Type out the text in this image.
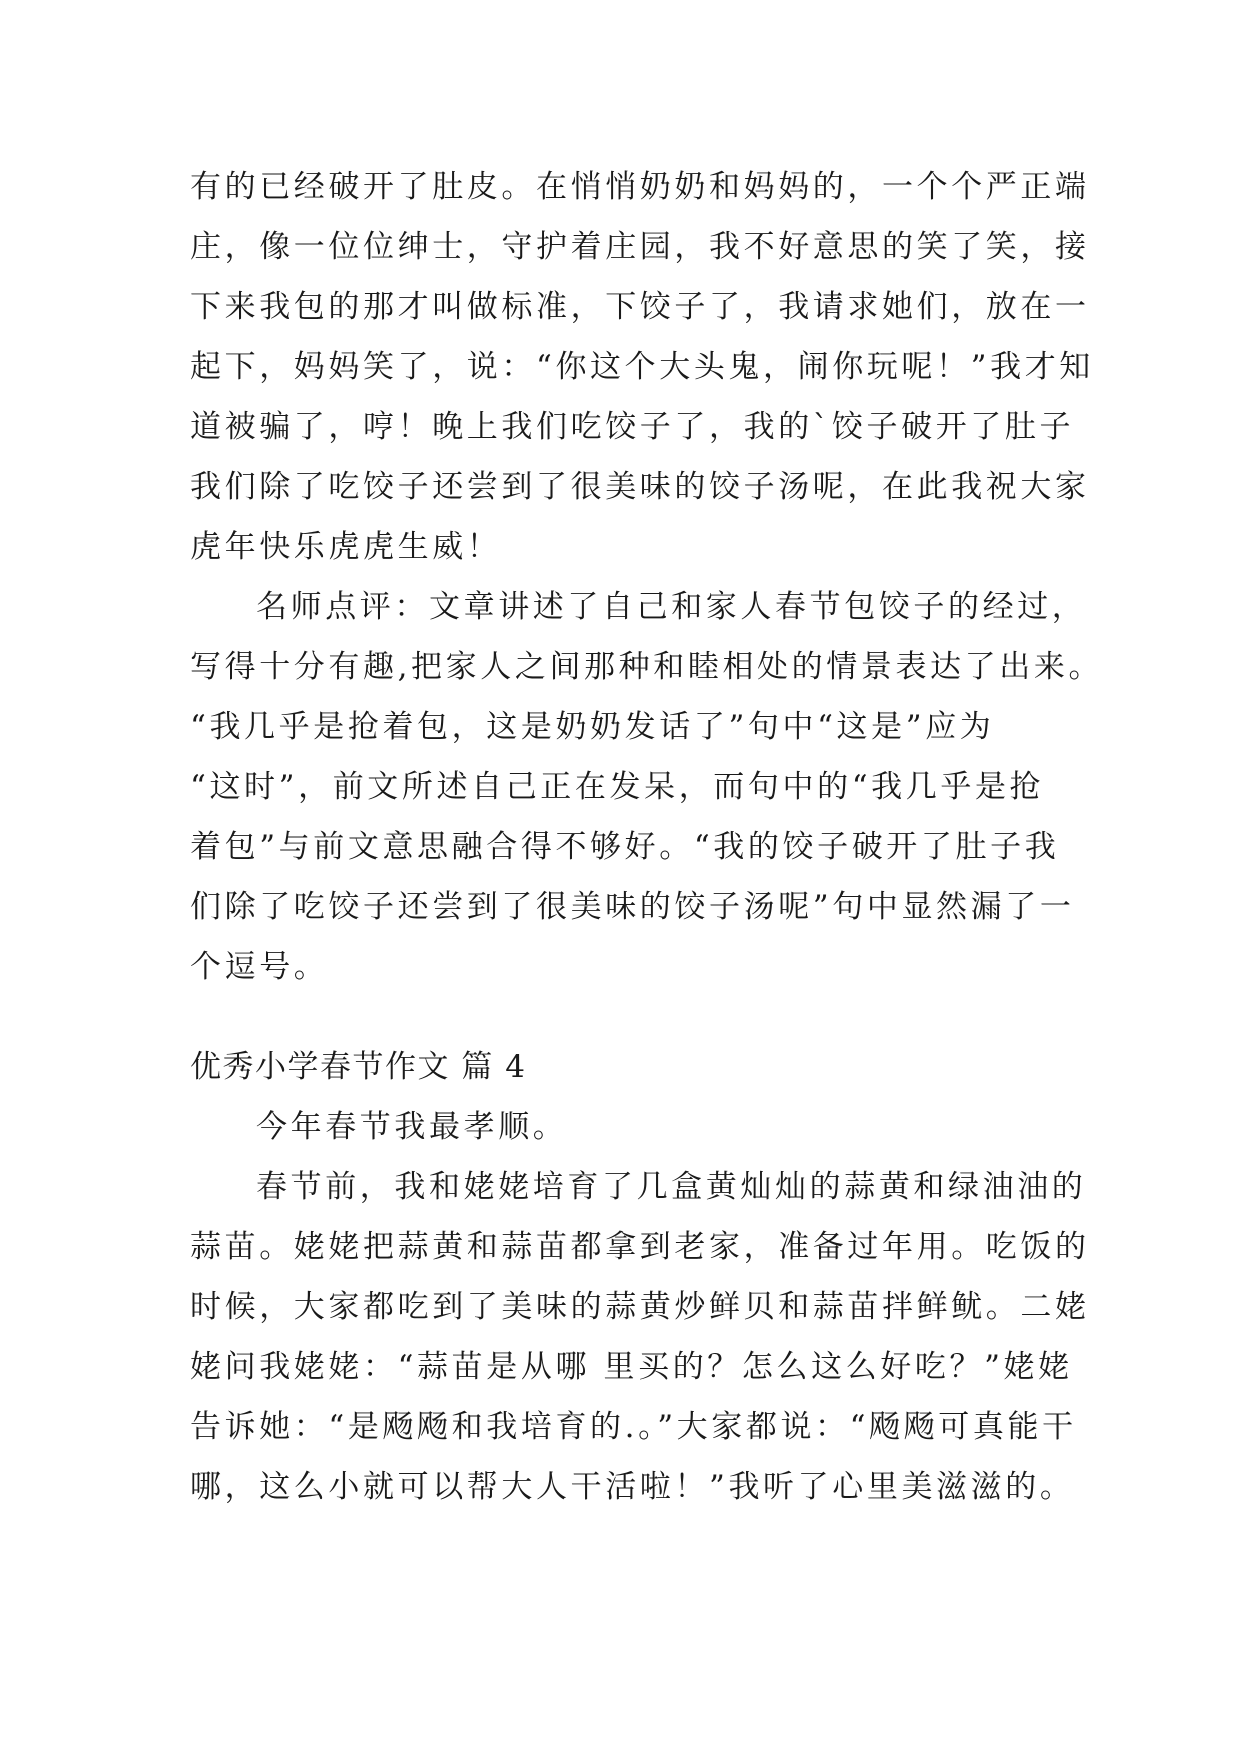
有的已经破开了肚皮。在悄悄奶奶和妈妈的，一个个严正端
庄，像一位位绅士，守护着庄园，我不好意思的笑了笑，接
下来我包的那才叫做标准，下饺子了，我请求她们，放在一
起下，妈妈笑了，说：“你这个大头鬼，闹你玩呢！”我才知
道被骗了，哼！晚上我们吃饺子了，我的`饺子破开了肚子
我们除了吃饺子还尝到了很美味的饺子汤呢，在此我祝大家
虎年快乐虎虎生威！
名师点评：文章讲述了自己和家人春节包饺子的经过，
写得十分有趣,把家人之间那种和睦相处的情景表达了出来。
“我几乎是抢着包，这是奶奶发话了”句中“这是”应为
“这时”，前文所述自己正在发呆，而句中的“我几乎是抢
着包”与前文意思融合得不够好。“我的饺子破开了肚子我
们除了吃饺子还尝到了很美味的饺子汤呢”句中显然漏了一
个逗号。
优秀小学春节作文 篇 4
今年春节我最孝顺。
春节前，我和姥姥培育了几盒黄灿灿的蒜黄和绿油油的
蒜苗。姥姥把蒜黄和蒜苗都拿到老家，准备过年用。吃饭的
时候，大家都吃到了美味的蒜黄炒鲜贝和蒜苗拌鲜鱿。二姥
姥问我姥姥：“蒜苗是从哪 里买的？怎么这么好吃？”姥姥
告诉她：“是飏飏和我培育的.。”大家都说：“飏飏可真能干
哪，这么小就可以帮大人干活啦！”我听了心里美滋滋的。
